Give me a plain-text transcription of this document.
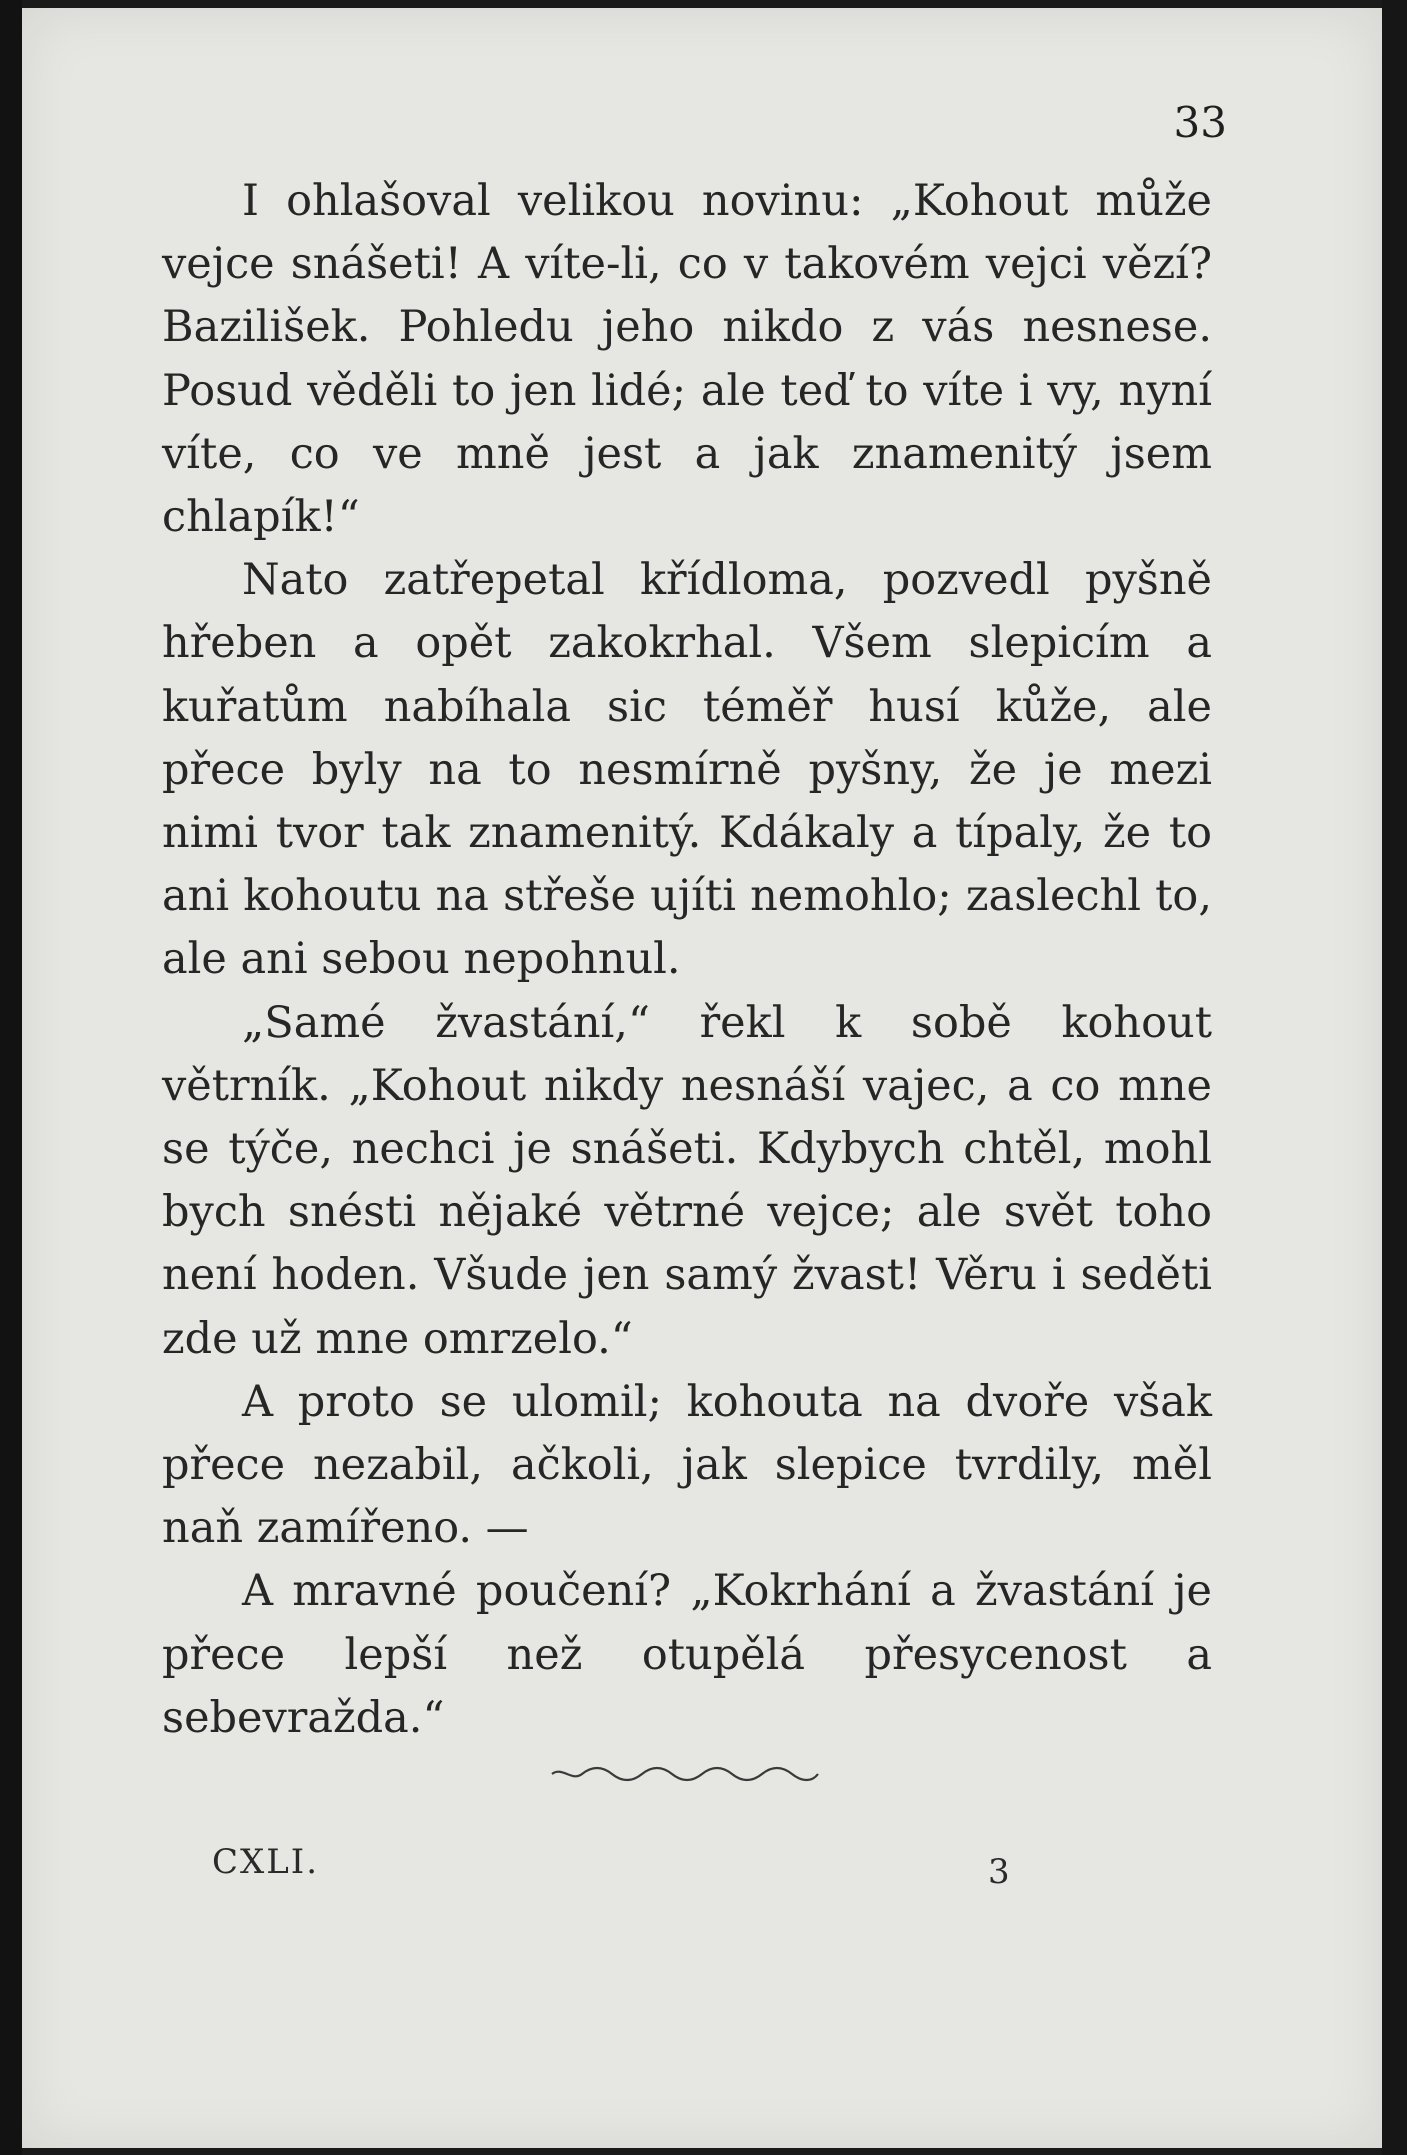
33

I ohlašoval velikou novinu: „Kohout může vejce snášeti! A víte-li, co v takovém vejci vězí? Bazilišek. Pohledu jeho nikdo z vás nesnese. Posud věděli to jen lidé; ale teď to víte i vy, nyní víte, co ve mně jest a jak znamenitý jsem chlapík!“

Nato zatřepetal křídloma, pozvedl pyšně hřeben a opět zakokrhal. Všem slepicím a kuřatům nabíhala sic téměř husí kůže, ale přece byly na to nesmírně pyšny, že je mezi nimi tvor tak znamenitý. Kdákaly a típaly, že to ani kohoutu na střeše ujíti nemohlo; zaslechl to, ale ani sebou nepohnul.

„Samé žvastání,“ řekl k sobě kohout větrník. „Kohout nikdy nesnáší vajec, a co mne se týče, nechci je snášeti. Kdybych chtěl, mohl bych snésti nějaké větrné vejce; ale svět toho není hoden. Všude jen samý žvast! Věru i seděti zde už mne omrzelo.“

A proto se ulomil; kohouta na dvoře však přece nezabil, ačkoli, jak slepice tvrdily, měl naň zamířeno. —

A mravné poučení? „Kokrhání a žvastání je přece lepší než otupělá přesycenost a sebevražda.“

CXLI.	3
